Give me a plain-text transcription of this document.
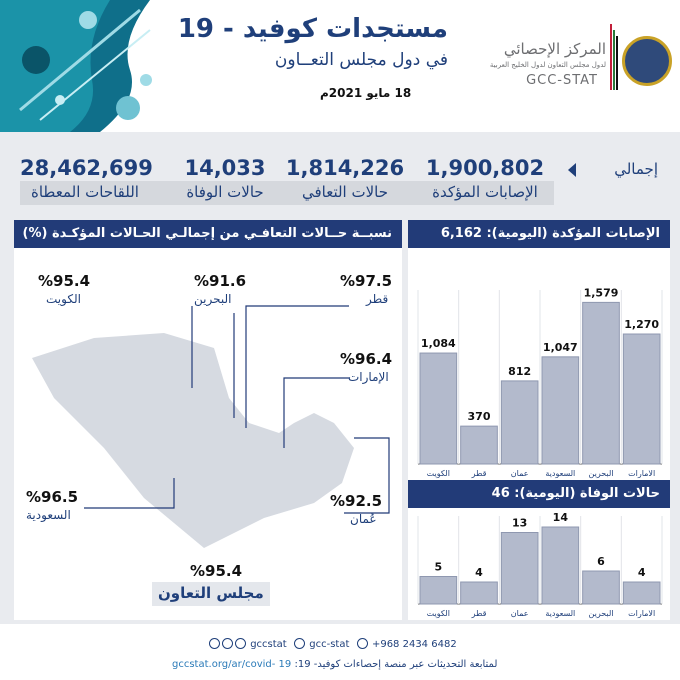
مستجدات كوفيد - 19
في دول مجلس التعــاون
18 مايو 2021م
المركز الإحصائي
لدول مجلس التعاون لدول الخليج العربية
GCC-STAT
إجمالي
1,900,802
الإصابات المؤكدة
1,814,226
حالات التعافي
14,033
حالات الوفاة
28,462,699
اللقاحات المعطاة
نسبــة حــالات التعافـي من إجمالـي الحـالات المؤكـدة (%)
%95.4
الكويت
%91.6
البحرين
%97.5
قطر
%96.4
الإمارات
%96.5
السعودية
%92.5
عُمان
%95.4
مجلس التعاون
الإصابات المؤكدة (اليومية): 6,162
1,084
الكويت
370
قطر
812
عمان
1,047
السعودية
1,579
البحرين
1,270
الامارات
حالات الوفاة (اليومية): 46
5
الكويت
4
قطر
13
عمان
14
السعودية
6
البحرين
4
الامارات
gccstat gcc-stat +968 2434 6482
gccstat.org/ar/covid- 19 لمتابعة التحديثات عبر منصة إحصاءات كوفيد- 19:
